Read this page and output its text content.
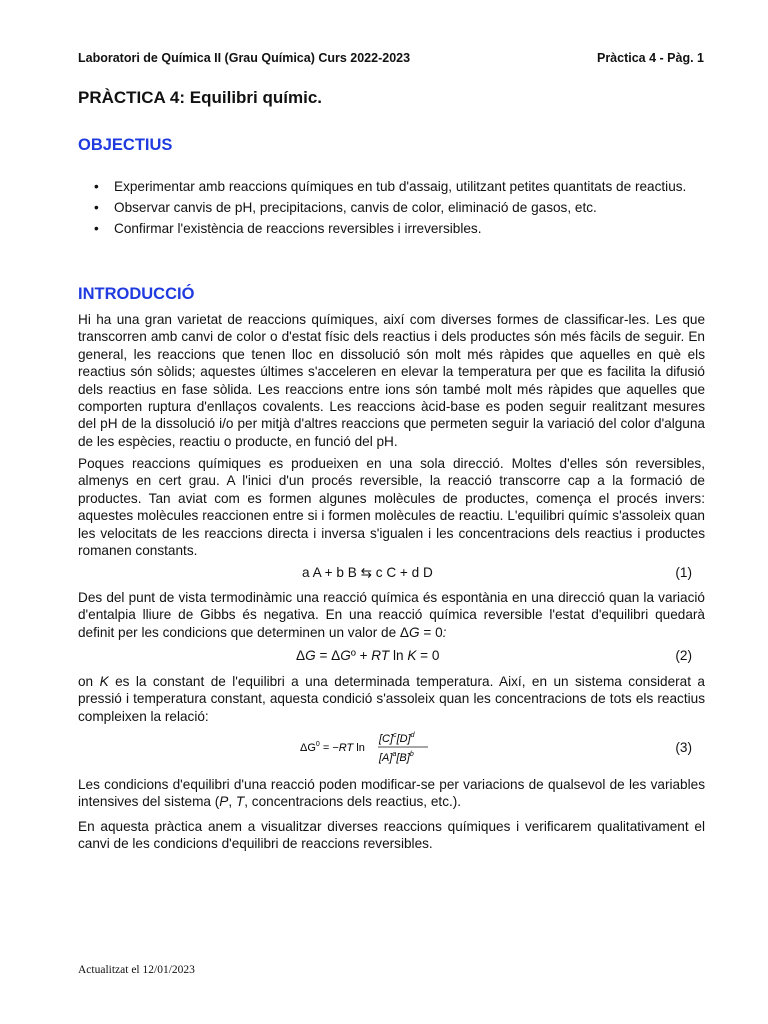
Laboratori de Química II (Grau Química) Curs 2022-2023	Pràctica 4 - Pàg. 1
PRÀCTICA 4: Equilibri químic.
OBJECTIUS
• Experimentar amb reaccions químiques en tub d'assaig, utilitzant petites quantitats de reactius.
• Observar canvis de pH, precipitacions, canvis de color, eliminació de gasos, etc.
• Confirmar l'existència de reaccions reversibles i irreversibles.
INTRODUCCIÓ

Hi ha una gran varietat de reaccions químiques, així com diverses formes de classificar-les. Les que transcorren amb canvi de color o d'estat físic dels reactius i dels productes són més fàcils de seguir. En general, les reaccions que tenen lloc en dissolució són molt més ràpides que aquelles en què els reactius són sòlids; aquestes últimes s'acceleren en elevar la temperatura per que es facilita la difusió dels reactius en fase sòlida. Les reaccions entre ions són també molt més ràpides que aquelles que comporten ruptura d'enllaços covalents. Les reaccions àcid-base es poden seguir realitzant mesures del pH de la dissolució i/o per mitjà d'altres reaccions que permeten seguir la variació del color d'alguna de les espècies, reactiu o producte, en funció del pH.

Poques reaccions químiques es produeixen en una sola direcció. Moltes d'elles són reversibles, almenys en cert grau. A l'inici d'un procés reversible, la reacció transcorre cap a la formació de productes. Tan aviat com es formen algunes molècules de productes, comença el procés invers: aquestes molècules reaccionen entre si i formen molècules de reactiu. L'equilibri químic s'assoleix quan les velocitats de les reaccions directa i inversa s'igualen i les concentracions dels reactius i productes romanen constants.

a A + b B ⇆ c C + d D	(1)

Des del punt de vista termodinàmic una reacció química és espontània en una direcció quan la variació d'entalpia lliure de Gibbs és negativa. En una reacció química reversible l'estat d'equilibri quedarà definit per les condicions que determinen un valor de ΔG = 0:

ΔG = ΔGº + RT ln K = 0	(2)

on K es la constant de l'equilibri a una determinada temperatura. Així, en un sistema considerat a pressió i temperatura constant, aquesta condició s'assoleix quan les concentracions de tots els reactius compleixen la relació:

$\Delta G^0 = -RT$ ln
$[C]^c[D]^d$
$[A]^a[B]^b$	(3)

Les condicions d'equilibri d'una reacció poden modificar-se per variacions de qualsevol de les variables intensives del sistema (P, T, concentracions dels reactius, etc.).

En aquesta pràctica anem a visualitzar diverses reaccions químiques i verificarem qualitativament el canvi de les condicions d'equilibri de reaccions reversibles.

Actualitzat el 12/01/2023
